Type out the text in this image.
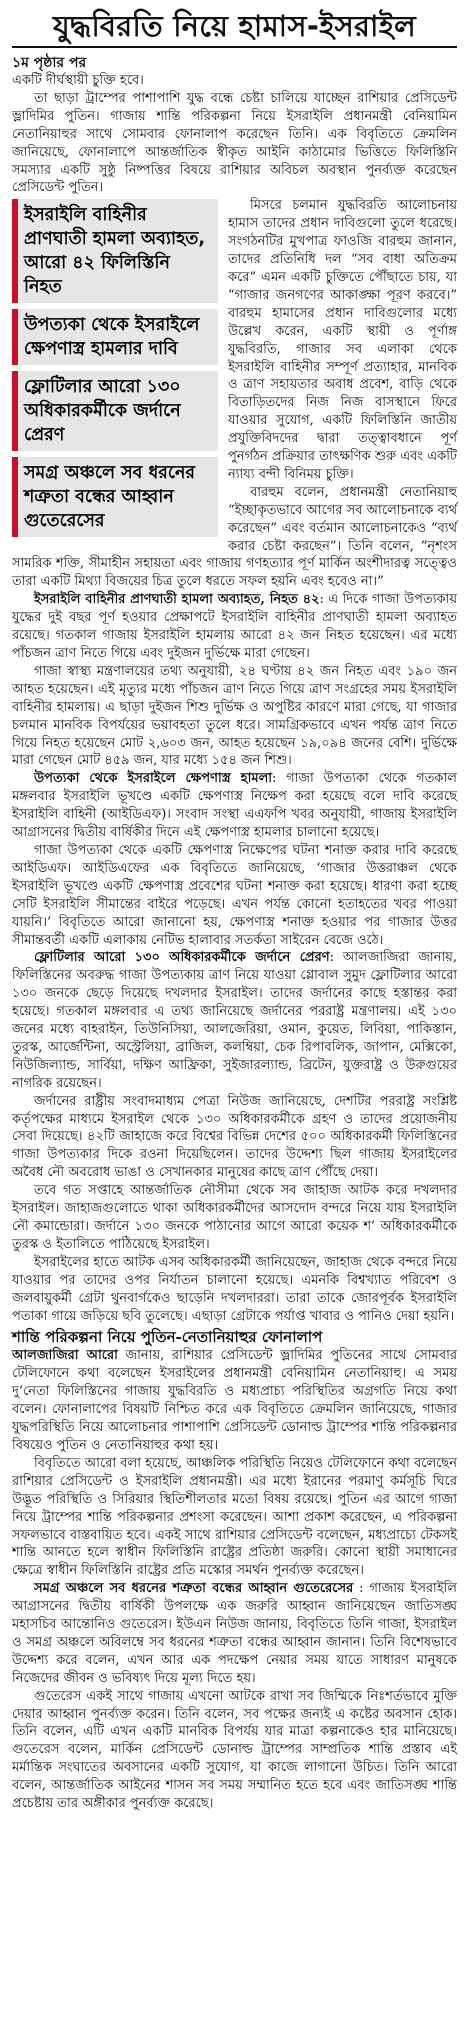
যুদ্ধবিরতি নিয়ে হামাস-ইসরাইল

১ম পৃষ্ঠার পর

একটি দীর্ঘস্থায়ী চুক্তি হবে।

তা ছাড়া ট্রাম্পের পাশাপাশি যুদ্ধ বন্ধে চেষ্টা চালিয়ে যাচ্ছেন রাশিয়ার প্রেসিডেন্ট ভ্লাদিমির পুতিন। গাজায় শান্তি পরিকল্পনা নিয়ে ইসরাইলি প্রধানমন্ত্রী বেনিয়ামিন নেতানিয়াহুর সাথে সোমবার ফোনালাপ করেছেন তিনি। এক বিবৃতিতে ক্রেমলিন জানিয়েছে, ফোনালাপে আন্তর্জাতিক স্বীকৃত আইনি কাঠামোর ভিত্তিতে ফিলিস্তিনি সমস্যার একটি সুষ্ঠু নিষ্পত্তির বিষয়ে রাশিয়ার অবিচল অবস্থান পুনর্ব্যক্ত করেছেন প্রেসিডেন্ট পুতিন।

ইসরাইলি বাহিনীর প্রাণঘাতী হামলা অব্যাহত, আরো ৪২ ফিলিস্তিনি নিহত
উপত্যকা থেকে ইসরাইলে ক্ষেপণাস্ত্র হামলার দাবি
ফ্লোটিলার আরো ১৩০ অধিকারকর্মীকে জর্দানে প্রেরণ
সমগ্র অঞ্চলে সব ধরনের শত্রুতা বন্ধের আহ্বান গুতেরেসের

মিসরে চলমান যুদ্ধবিরতি আলোচনায় হামাস তাদের প্রধান দাবিগুলো তুলে ধরেছে। সংগঠনটির মুখপাত্র ফাওজি বারহুম জানান, তাদের প্রতিনিধি দল “সব বাধা অতিক্রম করে” এমন একটি চুক্তিতে পৌঁছাতে চায়, যা “গাজার জনগণের আকাঙ্ক্ষা পূরণ করবে।” বারহুম হামাসের প্রধান দাবিগুলোর মধ্যে উল্লেখ করেন, একটি স্থায়ী ও পূর্ণাঙ্গ যুদ্ধবিরতি, গাজার সব এলাকা থেকে ইসরাইলি বাহিনীর সম্পূর্ণ প্রত্যাহার, মানবিক ও ত্রাণ সহায়তার অবাধ প্রবেশ, বাড়ি থেকে বিতাড়িতদের নিজ নিজ বাসস্থানে ফিরে যাওয়ার সুযোগ, একটি ফিলিস্তিনি জাতীয় প্রযুক্তিবিদদের দ্বারা তত্ত্বাবধানে পূর্ণ পুনর্গঠন প্রক্রিয়ার তাৎক্ষণিক শুরু এবং একটি ন্যায্য বন্দী বিনিময় চুক্তি।

বারহুম বলেন, প্রধানমন্ত্রী নেতানিয়াহু “ইচ্ছাকৃতভাবে আগের সব আলোচনাকে ব্যর্থ করেছেন” এবং বর্তমান আলোচনাকেও “ব্যর্থ করার চেষ্টা করছেন”। তিনি বলেন, “নৃশংস সামরিক শক্তি, সীমাহীন সহায়তা এবং গাজায় গণহত্যার পূর্ণ মার্কিন অংশীদারত্ব সত্ত্বেও তারা একটি মিথ্যা বিজয়ের চিত্র তুলে ধরতে সফল হয়নি এবং হবেও না।”

ইসরাইলি বাহিনীর প্রাণঘাতী হামলা অব্যাহত, নিহত ৪২: এ দিকে গাজা উপত্যকায় যুদ্ধের দুই বছর পূর্ণ হওয়ার প্রেক্ষাপটে ইসরাইলি বাহিনীর প্রাণঘাতী হামলা অব্যাহত রয়েছে। গতকাল গাজায় ইসরাইলি হামলায় আরো ৪২ জন নিহত হয়েছেন। এর মধ্যে পাঁচজন ত্রাণ নিতে গিয়ে এবং দুইজন দুর্ভিক্ষে মারা গেছেন।

গাজা স্বাস্থ্য মন্ত্রণালয়ের তথ্য অনুযায়ী, ২৪ ঘণ্টায় ৪২ জন নিহত এবং ১৯০ জন আহত হয়েছেন। এই মৃত্যুর মধ্যে পাঁচজন ত্রাণ নিতে গিয়ে ত্রাণ সংগ্রহের সময় ইসরাইলি বাহিনীর হামলায়। এ ছাড়া দুইজন শিশু দুর্ভিক্ষ ও অপুষ্টির কারণে মারা গেছে, যা গাজার চলমান মানবিক বিপর্যয়ের ভয়াবহতা তুলে ধরে। সামগ্রিকভাবে এখন পর্যন্ত ত্রাণ নিতে গিয়ে নিহত হয়েছেন মোট ২,৬০৩ জন, আহত হয়েছেন ১৯,০৯৪ জনের বেশি। দুর্ভিক্ষে মারা গেছেন মোট ৪৫৯ জন, যার মধ্যে ১৫৪ জন শিশু।

উপত্যকা থেকে ইসরাইলে ক্ষেপণাস্ত্র হামলা: গাজা উপত্যকা থেকে গতকাল মঙ্গলবার ইসরাইলি ভূখণ্ডে একটি ক্ষেপণাস্ত্র নিক্ষেপ করা হয়েছে বলে দাবি করেছে ইসরাইলি বাহিনী (আইডিএফ)। সংবাদ সংস্থা এএফপি খবর অনুযায়ী, গাজায় ইসরাইলি আগ্রাসনের দ্বিতীয় বার্ষিকীর দিনে এই ক্ষেপণাস্ত্র হামলার চালানো হয়েছে।

গাজা উপত্যকা থেকে একটি ক্ষেপণাস্ত্র নিক্ষেপের ঘটনা শনাক্ত করার দাবি করেছে আইডিএফ। আইডিএফের এক বিবৃতিতে জানিয়েছে, ‘গাজার উত্তরাঞ্চল থেকে ইসরাইলি ভূখণ্ডে একটি ক্ষেপণাস্ত্র প্রবেশের ঘটনা শনাক্ত করা হয়েছে। ধারণা করা হচ্ছে সেটি ইসরাইলি সীমান্তের বাইরে পড়েছে। এখন পর্যন্ত কোনো হতাহতের খবর পাওয়া যায়নি।’ বিবৃতিতে আরো জানানো হয়, ক্ষেপণাস্ত্র শনাক্ত হওয়ার পর গাজার উত্তর সীমান্তবর্তী একটি এলাকায় নেটিভ হালাবার সতর্কতা সাইরেন বেজে ওঠে।

ফ্লোটিলার আরো ১৩০ অধিকারকর্মীকে জর্দানে প্রেরণ: আলজাজিরা জানায়, ফিলিস্তিনের অবরুদ্ধ গাজা উপত্যকায় ত্রাণ নিয়ে যাওয়া গ্লোবাল সুমুদ ফ্লোটিলার আরো ১৩০ জনকে ছেড়ে দিয়েছে দখলদার ইসরাইল। তাদের জর্দানের কাছে হস্তান্তর করা হয়েছে। গতকাল মঙ্গলবার এ তথ্য জানিয়েছে জর্দানের পররাষ্ট্র মন্ত্রণালয়। এই ১৩০ জনের মধ্যে বাহরাইন, তিউনিসিয়া, আলজেরিয়া, ওমান, কুয়েত, লিবিয়া, পাকিস্তান, তুরস্ক, আর্জেন্টিনা, অস্ট্রেলিয়া, ব্রাজিল, কলম্বিয়া, চেক রিপাবলিক, জাপান, মেক্সিকো, নিউজিল্যান্ড, সার্বিয়া, দক্ষিণ আফ্রিকা, সুইজারল্যান্ড, ব্রিটেন, যুক্তরাষ্ট্র ও উরুগুয়ের নাগরিক রয়েছেন।

জর্দানের রাষ্ট্রীয় সংবাদমাধ্যম পেত্রা নিউজ জানিয়েছে, দেশটির পররাষ্ট্র সংশ্লিষ্ট কর্তৃপক্ষের মাধ্যমে ইসরাইল থেকে ১৩০ অধিকারকর্মীকে গ্রহণ ও তাদের প্রয়োজনীয় সেবা দিয়েছে। ৪২টি জাহাজে করে বিশ্বের বিভিন্ন দেশের ৫০০ অধিকারকর্মী ফিলিস্তিনের গাজা উপত্যকার দিকে রওনা দিয়েছিলেন। তাদের উদ্দেশ্য ছিল গাজায় ইসরাইলের অবৈধ নৌ অবরোধ ভাঙা ও সেখানকার মানুষের কাছে ত্রাণ পৌঁছে দেয়া।

তবে গত সপ্তাহে আন্তর্জাতিক নৌসীমা থেকে সব জাহাজ আটক করে দখলদার ইসরাইল। জাহাজগুলোতে থাকা অধিকারকর্মীদের আসদোদ বন্দরে নিয়ে যায় ইসরাইলি নৌ কমান্ডোরা। জর্দানে ১৩০ জনকে পাঠানোর আগে আরো কয়েক শ’ অধিকারকর্মীকে তুরস্ক ও ইতালিতে পাঠিয়েছে ইসরাইল।

ইসরাইলের হাতে আটক এসব অধিকারকর্মী জানিয়েছেন, জাহাজ থেকে বন্দরে নিয়ে যাওয়ার পর তাদের ওপর নির্যাতন চালানো হয়েছে। এমনকি বিশ্বখ্যাত পরিবেশ ও জলবায়ুকর্মী গ্রেটা থুনবার্গকেও ছাড়েনি দখলদাররা। তারা তাকে জোরপূর্বক ইসরাইলি পতাকা গায়ে জড়িয়ে ছবি তুলেছে। এছাড়া গ্রেটাকে পর্যাপ্ত খাবার ও পানিও দেয়া হয়নি।

শান্তি পরিকল্পনা নিয়ে পুতিন-নেতানিয়াহুর ফোনালাপ

আলজাজিরা আরো জানায়, রাশিয়ার প্রেসিডেন্ট ভ্লাদিমির পুতিনের সাথে সোমবার টেলিফোনে কথা বলেছেন ইসরাইলের প্রধানমন্ত্রী বেনিয়ামিন নেতানিয়াহু। এ সময় দু’নেতা ফিলিস্তিনের গাজায় যুদ্ধবিরতি ও মধ্যপ্রাচ্য পরিস্থিতির অগ্রগতি নিয়ে কথা বলেন। ফোনালাপের বিষয়টি নিশ্চিত করে এক বিবৃতিতে ক্রেমলিন জানিয়েছে, গাজার যুদ্ধপরিস্থিতি নিয়ে আলোচনার পাশাপাশি প্রেসিডেন্ট ডোনাল্ড ট্রাম্পের শান্তি পরিকল্পনার বিষয়েও পুতিন ও নেতানিয়াহুর কথা হয়।

বিবৃতিতে আরো বলা হয়েছে, আঞ্চলিক পরিস্থিতি নিয়েও টেলিফোনে কথা বলেছেন রাশিয়ার প্রেসিডেন্ট ও ইসরাইলি প্রধানমন্ত্রী। এর মধ্যে ইরানের পরমাণু কর্মসূচি ঘিরে উদ্ভূত পরিস্থিতি ও সিরিয়ার স্থিতিশীলতার মতো বিষয় রয়েছে। পুতিন এর আগে গাজা নিয়ে ট্রাম্পের শান্তি পরিকল্পনার প্রশংসা করেছেন। আশা প্রকাশ করেছেন, এ পরিকল্পনা সফলভাবে বাস্তবায়িত হবে। একই সাথে রাশিয়ার প্রেসিডেন্ট বলেছেন, মধ্যপ্রাচ্যে টেকসই শান্তি আনতে হলে স্বাধীন ফিলিস্তিনি রাষ্ট্রের প্রতিষ্ঠা জরুরি। কোনো স্থায়ী সমাধানের ক্ষেত্রে স্বাধীন ফিলিস্তিনি রাষ্ট্রের প্রতি মস্কোর সমর্থন পুনর্ব্যক্ত করেছেন।

সমগ্র অঞ্চলে সব ধরনের শত্রুতা বন্ধের আহ্বান গুতেরেসের : গাজায় ইসরাইলি আগ্রাসনের দ্বিতীয় বার্ষিকী উপলক্ষে এক জরুরি আহ্বান জানিয়েছেন জাতিসঙ্ঘ মহাসচিব আন্তোনিও গুতেরেস। ইউএন নিউজ জানায়, বিবৃতিতে তিনি গাজা, ইসরাইল ও সমগ্র অঞ্চলে অবিলম্বে সব ধরনের শত্রুতা বন্ধের আহ্বান জানান। তিনি বিশেষভাবে উদ্দেশ্য করে বলেন, এখন আর এক পদক্ষেপ নেয়ার সময় যাতে সাধারণ মানুষকে নিজেদের জীবন ও ভবিষ্যৎ দিয়ে মূল্য দিতে হয়।

গুতেরেস একই সাথে গাজায় এখনো আটকে রাখা সব জিম্মিকে নিঃশর্তভাবে মুক্তি দেয়ার আহ্বান পুনর্ব্যক্ত করেন। তিনি বলেন, সব পক্ষের জন্যই এ কষ্টের অবসান হোক। তিনি বলেন, এটি এখন একটি মানবিক বিপর্যয় যার মাত্রা কল্পনাকেও হার মানিয়েছে। গুতেরেস বলেন, মার্কিন প্রেসিডেন্ট ডোনাল্ড ট্রাম্পের সাম্প্রতিক শান্তি প্রস্তাব এই মর্মান্তিক সংঘাতের অবসানের একটি সুযোগ, যা কাজে লাগানো উচিত। তিনি আরো বলেন, আন্তর্জাতিক আইনের শাসন সব সময় সম্মানিত হতে হবে এবং জাতিসঙ্ঘ শান্তি প্রচেষ্টায় তার অঙ্গীকার পুনর্ব্যক্ত করেছে।
